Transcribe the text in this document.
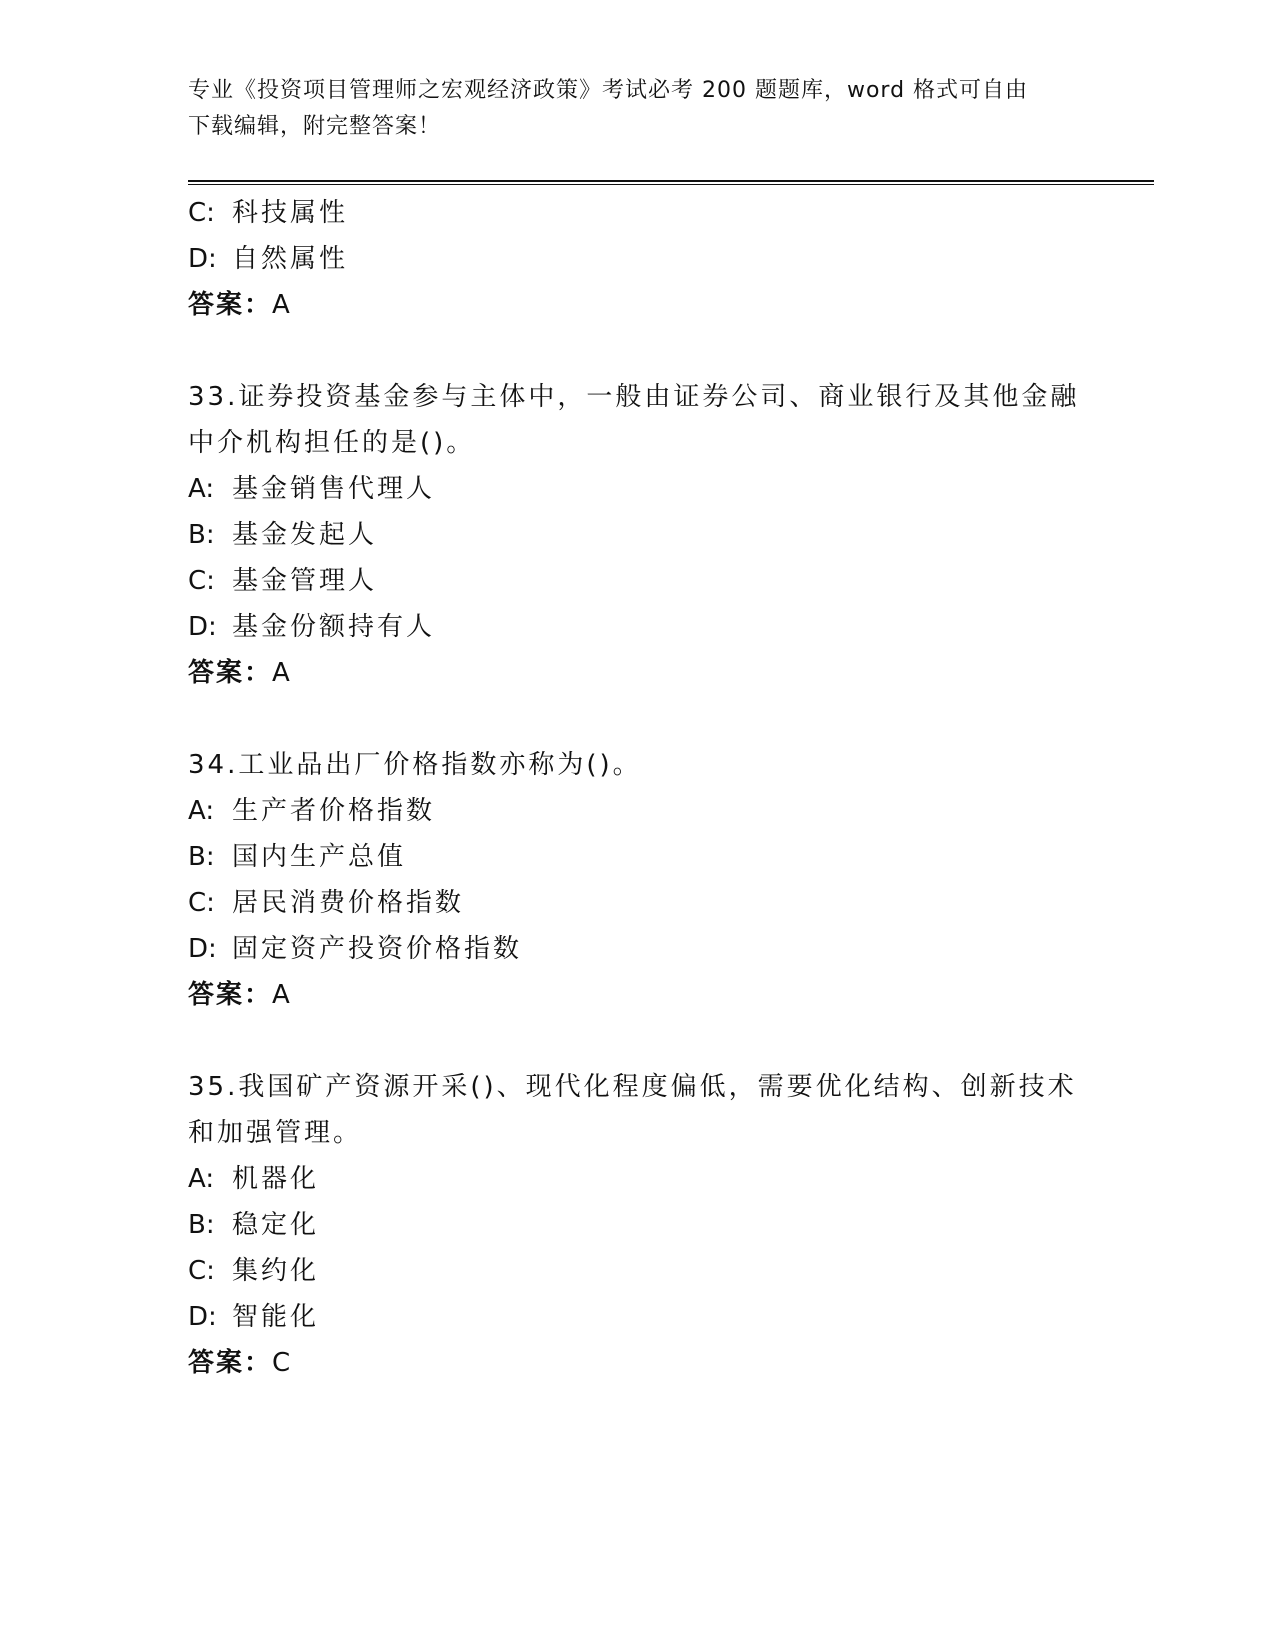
专业《投资项目管理师之宏观经济政策》考试必考 200 题题库，word 格式可自由
下载编辑，附完整答案！
C: 科技属性
D: 自然属性
答案：A
33.证券投资基金参与主体中，一般由证券公司、商业银行及其他金融
中介机构担任的是()。
A: 基金销售代理人
B: 基金发起人
C: 基金管理人
D: 基金份额持有人
答案：A
34.工业品出厂价格指数亦称为()。
A: 生产者价格指数
B: 国内生产总值
C: 居民消费价格指数
D: 固定资产投资价格指数
答案：A
35.我国矿产资源开采()、现代化程度偏低，需要优化结构、创新技术
和加强管理。
A: 机器化
B: 稳定化
C: 集约化
D: 智能化
答案：C
